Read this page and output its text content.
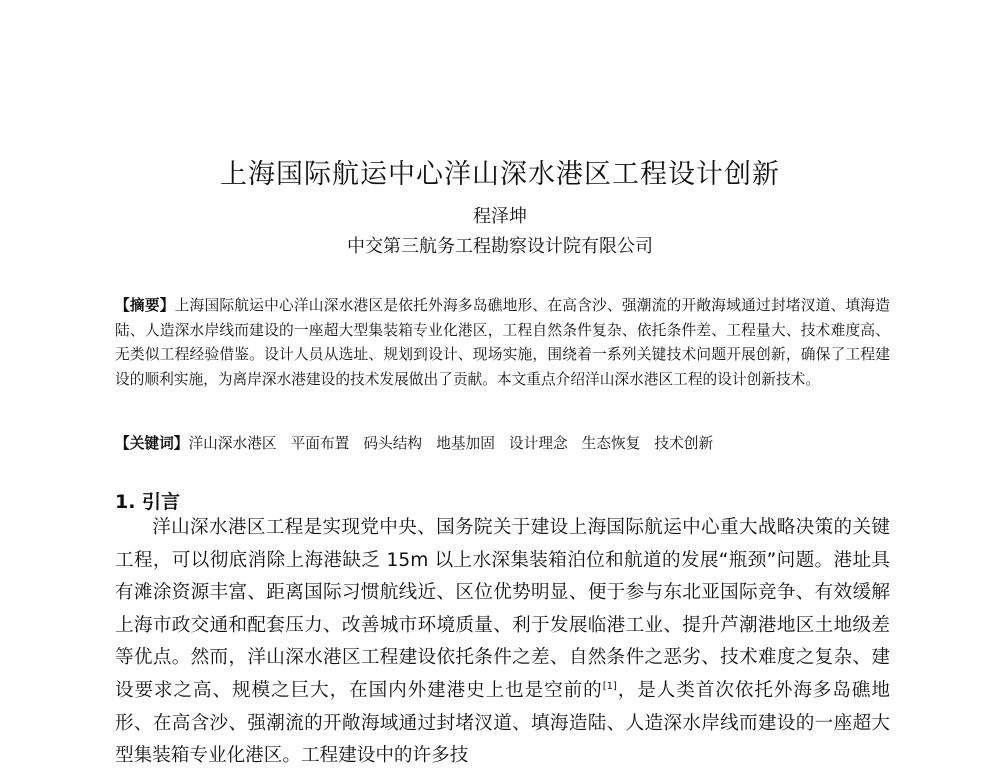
上海国际航运中心洋山深水港区工程设计创新
程泽坤
中交第三航务工程勘察设计院有限公司
【摘要】上海国际航运中心洋山深水港区是依托外海多岛礁地形、在高含沙、强潮流的开敞海域通过封堵汊道、填海造陆、人造深水岸线而建设的一座超大型集装箱专业化港区，工程自然条件复杂、依托条件差、工程量大、技术难度高、无类似工程经验借鉴。设计人员从选址、规划到设计、现场实施，围绕着一系列关键技术问题开展创新，确保了工程建设的顺利实施，为离岸深水港建设的技术发展做出了贡献。本文重点介绍洋山深水港区工程的设计创新技术。
【关键词】洋山深水港区 平面布置 码头结构 地基加固 设计理念 生态恢复 技术创新
1. 引言

洋山深水港区工程是实现党中央、国务院关于建设上海国际航运中心重大战略决策的关键工程，可以彻底消除上海港缺乏 15m 以上水深集装箱泊位和航道的发展“瓶颈”问题。港址具有滩涂资源丰富、距离国际习惯航线近、区位优势明显、便于参与东北亚国际竞争、有效缓解上海市政交通和配套压力、改善城市环境质量、利于发展临港工业、提升芦潮港地区土地级差等优点。然而，洋山深水港区工程建设依托条件之差、自然条件之恶劣、技术难度之复杂、建设要求之高、规模之巨大，在国内外建港史上也是空前的[1]，是人类首次依托外海多岛礁地形、在高含沙、强潮流的开敞海域通过封堵汊道、填海造陆、人造深水岸线而建设的一座超大型集装箱专业化港区。工程建设中的许多技
